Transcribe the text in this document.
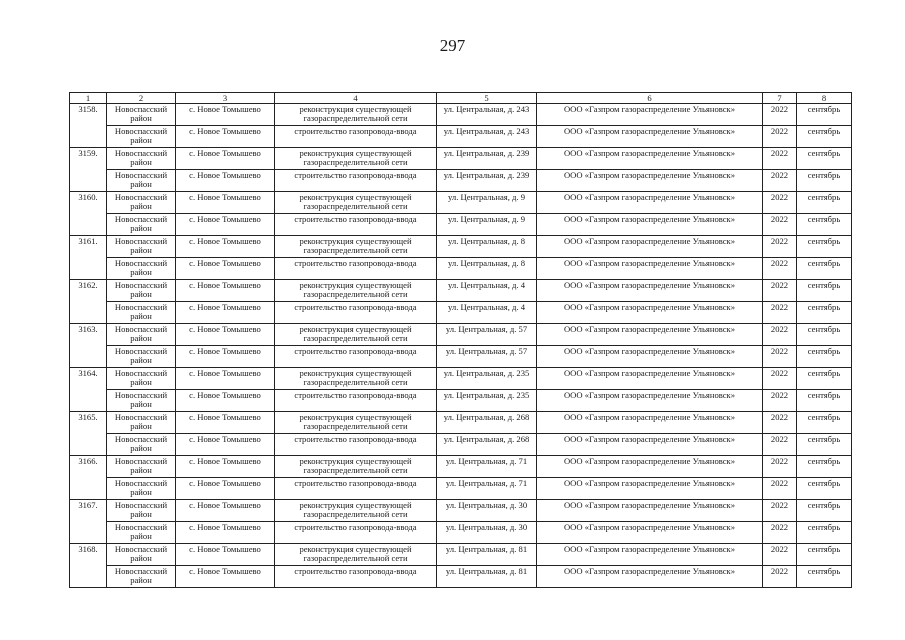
297
1	2	3	4	5	6	7	8
3158.	Новоспасский район	с. Новое Томышево	реконструкция существующей газораспределительной сети	ул. Центральная, д. 243	ООО «Газпром газораспределение Ульяновск»	2022	сентябрь
	Новоспасский район	с. Новое Томышево	строительство газопровода-ввода	ул. Центральная, д. 243	ООО «Газпром газораспределение Ульяновск»	2022	сентябрь
3159.	Новоспасский район	с. Новое Томышево	реконструкция существующей газораспределительной сети	ул. Центральная, д. 239	ООО «Газпром газораспределение Ульяновск»	2022	сентябрь
	Новоспасский район	с. Новое Томышево	строительство газопровода-ввода	ул. Центральная, д. 239	ООО «Газпром газораспределение Ульяновск»	2022	сентябрь
3160.	Новоспасский район	с. Новое Томышево	реконструкция существующей газораспределительной сети	ул. Центральная, д. 9	ООО «Газпром газораспределение Ульяновск»	2022	сентябрь
	Новоспасский район	с. Новое Томышево	строительство газопровода-ввода	ул. Центральная, д. 9	ООО «Газпром газораспределение Ульяновск»	2022	сентябрь
3161.	Новоспасский район	с. Новое Томышево	реконструкция существующей газораспределительной сети	ул. Центральная, д. 8	ООО «Газпром газораспределение Ульяновск»	2022	сентябрь
	Новоспасский район	с. Новое Томышево	строительство газопровода-ввода	ул. Центральная, д. 8	ООО «Газпром газораспределение Ульяновск»	2022	сентябрь
3162.	Новоспасский район	с. Новое Томышево	реконструкция существующей газораспределительной сети	ул. Центральная, д. 4	ООО «Газпром газораспределение Ульяновск»	2022	сентябрь
	Новоспасский район	с. Новое Томышево	строительство газопровода-ввода	ул. Центральная, д. 4	ООО «Газпром газораспределение Ульяновск»	2022	сентябрь
3163.	Новоспасский район	с. Новое Томышево	реконструкция существующей газораспределительной сети	ул. Центральная, д. 57	ООО «Газпром газораспределение Ульяновск»	2022	сентябрь
	Новоспасский район	с. Новое Томышево	строительство газопровода-ввода	ул. Центральная, д. 57	ООО «Газпром газораспределение Ульяновск»	2022	сентябрь
3164.	Новоспасский район	с. Новое Томышево	реконструкция существующей газораспределительной сети	ул. Центральная, д. 235	ООО «Газпром газораспределение Ульяновск»	2022	сентябрь
	Новоспасский район	с. Новое Томышево	строительство газопровода-ввода	ул. Центральная, д. 235	ООО «Газпром газораспределение Ульяновск»	2022	сентябрь
3165.	Новоспасский район	с. Новое Томышево	реконструкция существующей газораспределительной сети	ул. Центральная, д. 268	ООО «Газпром газораспределение Ульяновск»	2022	сентябрь
	Новоспасский район	с. Новое Томышево	строительство газопровода-ввода	ул. Центральная, д. 268	ООО «Газпром газораспределение Ульяновск»	2022	сентябрь
3166.	Новоспасский район	с. Новое Томышево	реконструкция существующей газораспределительной сети	ул. Центральная, д. 71	ООО «Газпром газораспределение Ульяновск»	2022	сентябрь
	Новоспасский район	с. Новое Томышево	строительство газопровода-ввода	ул. Центральная, д. 71	ООО «Газпром газораспределение Ульяновск»	2022	сентябрь
3167.	Новоспасский район	с. Новое Томышево	реконструкция существующей газораспределительной сети	ул. Центральная, д. 30	ООО «Газпром газораспределение Ульяновск»	2022	сентябрь
	Новоспасский район	с. Новое Томышево	строительство газопровода-ввода	ул. Центральная, д. 30	ООО «Газпром газораспределение Ульяновск»	2022	сентябрь
3168.	Новоспасский район	с. Новое Томышево	реконструкция существующей газораспределительной сети	ул. Центральная, д. 81	ООО «Газпром газораспределение Ульяновск»	2022	сентябрь
	Новоспасский район	с. Новое Томышево	строительство газопровода-ввода	ул. Центральная, д. 81	ООО «Газпром газораспределение Ульяновск»	2022	сентябрь
